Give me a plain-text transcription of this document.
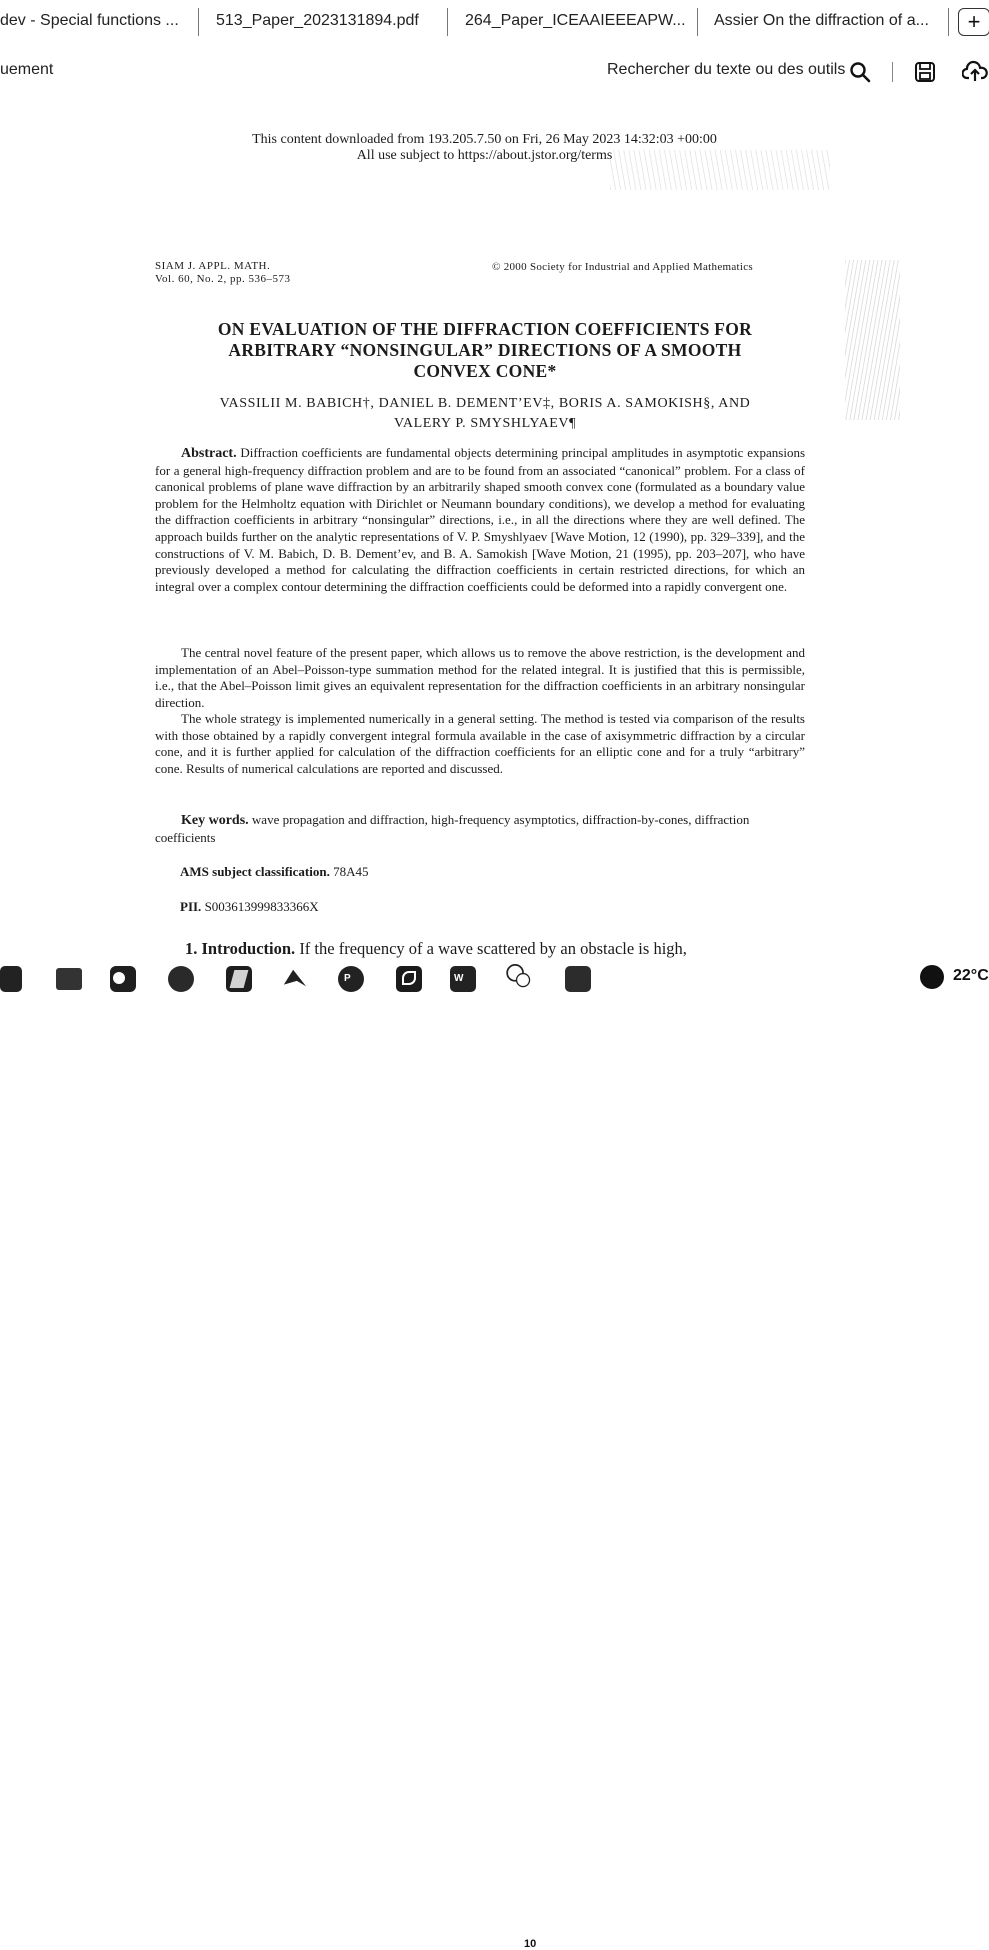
dev - Special functions ...	513_Paper_2023131894.pdf	264_Paper_ICEAAIEEEAPW... Assier On the diffraction of a...	+
uement	Rechercher du texte ou des outils
This content downloaded from 193.205.7.50 on Fri, 26 May 2023 14:32:03 +00:00
All use subject to https://about.jstor.org/terms
SIAM J. APPL. MATH.
Vol. 60, No. 2, pp. 536–573
© 2000 Society for Industrial and Applied Mathematics
ON EVALUATION OF THE DIFFRACTION COEFFICIENTS FOR
ARBITRARY “NONSINGULAR” DIRECTIONS OF A SMOOTH
CONVEX CONE*
VASSILII M. BABICH†, DANIEL B. DEMENT’EV‡, BORIS A. SAMOKISH§, AND
VALERY P. SMYSHLYAEV¶
Abstract. Diffraction coefficients are fundamental objects determining principal amplitudes in asymptotic expansions for a general high-frequency diffraction problem and are to be found from an associated “canonical” problem. For a class of canonical problems of plane wave diffraction by an arbitrarily shaped smooth convex cone (formulated as a boundary value problem for the Helmholtz equation with Dirichlet or Neumann boundary conditions), we develop a method for evaluating the diffraction coefficients in arbitrary “nonsingular” directions, i.e., in all the directions where they are well defined. The approach builds further on the analytic representations of V. P. Smyshlyaev [Wave Motion, 12 (1990), pp. 329–339], and the constructions of V. M. Babich, D. B. Dement’ev, and B. A. Samokish [Wave Motion, 21 (1995), pp. 203–207], who have previously developed a method for calculating the diffraction coefficients in certain restricted directions, for which an integral over a complex contour determining the diffraction coefficients could be deformed into a rapidly convergent one.
The central novel feature of the present paper, which allows us to remove the above restriction, is the development and implementation of an Abel–Poisson-type summation method for the related integral. It is justified that this is permissible, i.e., that the Abel–Poisson limit gives an equivalent representation for the diffraction coefficients in an arbitrary nonsingular direction.
The whole strategy is implemented numerically in a general setting. The method is tested via comparison of the results with those obtained by a rapidly convergent integral formula available in the case of axisymmetric diffraction by a circular cone, and it is further applied for calculation of the diffraction coefficients for an elliptic cone and for a truly “arbitrary” cone. Results of numerical calculations are reported and discussed.
Key words. wave propagation and diffraction, high-frequency asymptotics, diffraction-by-cones, diffraction coefficients
AMS subject classification. 78A45
PII. S003613999833366X
1. Introduction. If the frequency of a wave scattered by an obstacle is high,
P	W
10
22°C
